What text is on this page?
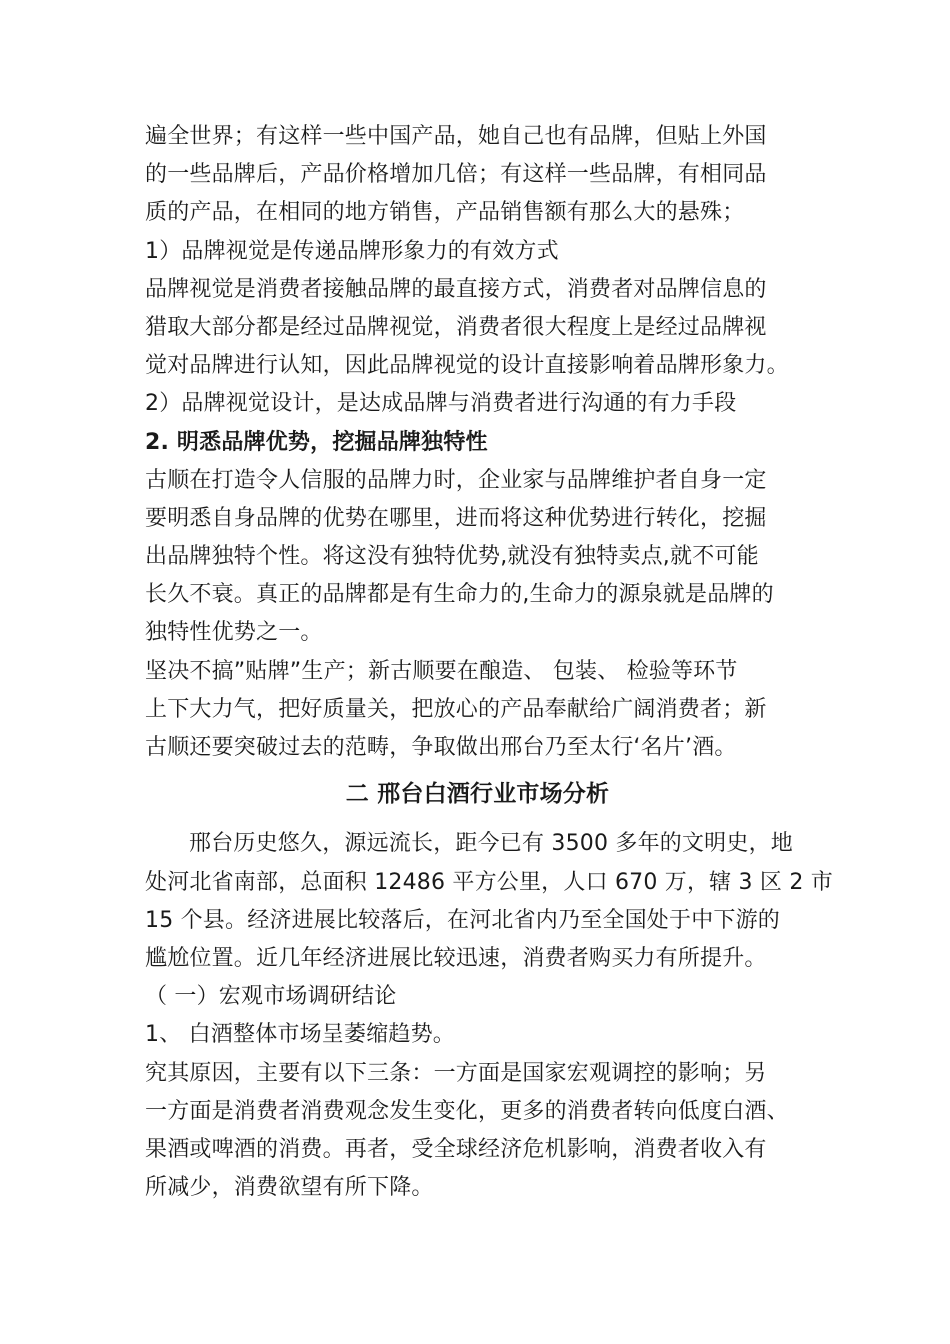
遍全世界；有这样一些中国产品，她自己也有品牌，但贴上外国
的一些品牌后，产品价格增加几倍；有这样一些品牌，有相同品
质的产品，在相同的地方销售，产品销售额有那么大的悬殊；
1）品牌视觉是传递品牌形象力的有效方式
品牌视觉是消费者接触品牌的最直接方式，消费者对品牌信息的
猎取大部分都是经过品牌视觉，消费者很大程度上是经过品牌视
觉对品牌进行认知，因此品牌视觉的设计直接影响着品牌形象力。
2）品牌视觉设计，是达成品牌与消费者进行沟通的有力手段
2. 明悉品牌优势，挖掘品牌独特性
古顺在打造令人信服的品牌力时，企业家与品牌维护者自身一定
要明悉自身品牌的优势在哪里，进而将这种优势进行转化，挖掘
出品牌独特个性。将这没有独特优势,就没有独特卖点,就不可能
长久不衰。真正的品牌都是有生命力的,生命力的源泉就是品牌的
独特性优势之一。
坚决不搞”贴牌”生产；新古顺要在酿造、 包装、 检验等环节
上下大力气，把好质量关，把放心的产品奉献给广阔消费者；新
古顺还要突破过去的范畴，争取做出邢台乃至太行‘名片’酒。
二 邢台白酒行业市场分析
邢台历史悠久，源远流长，距今已有 3500 多年的文明史，地
处河北省南部，总面积 12486 平方公里，人口 670 万，辖 3 区 2 市
15 个县。经济进展比较落后，在河北省内乃至全国处于中下游的
尴尬位置。近几年经济进展比较迅速，消费者购买力有所提升。
（ 一）宏观市场调研结论
1、 白酒整体市场呈萎缩趋势。
究其原因，主要有以下三条：一方面是国家宏观调控的影响；另
一方面是消费者消费观念发生变化，更多的消费者转向低度白酒、
果酒或啤酒的消费。再者，受全球经济危机影响，消费者收入有
所减少，消费欲望有所下降。
